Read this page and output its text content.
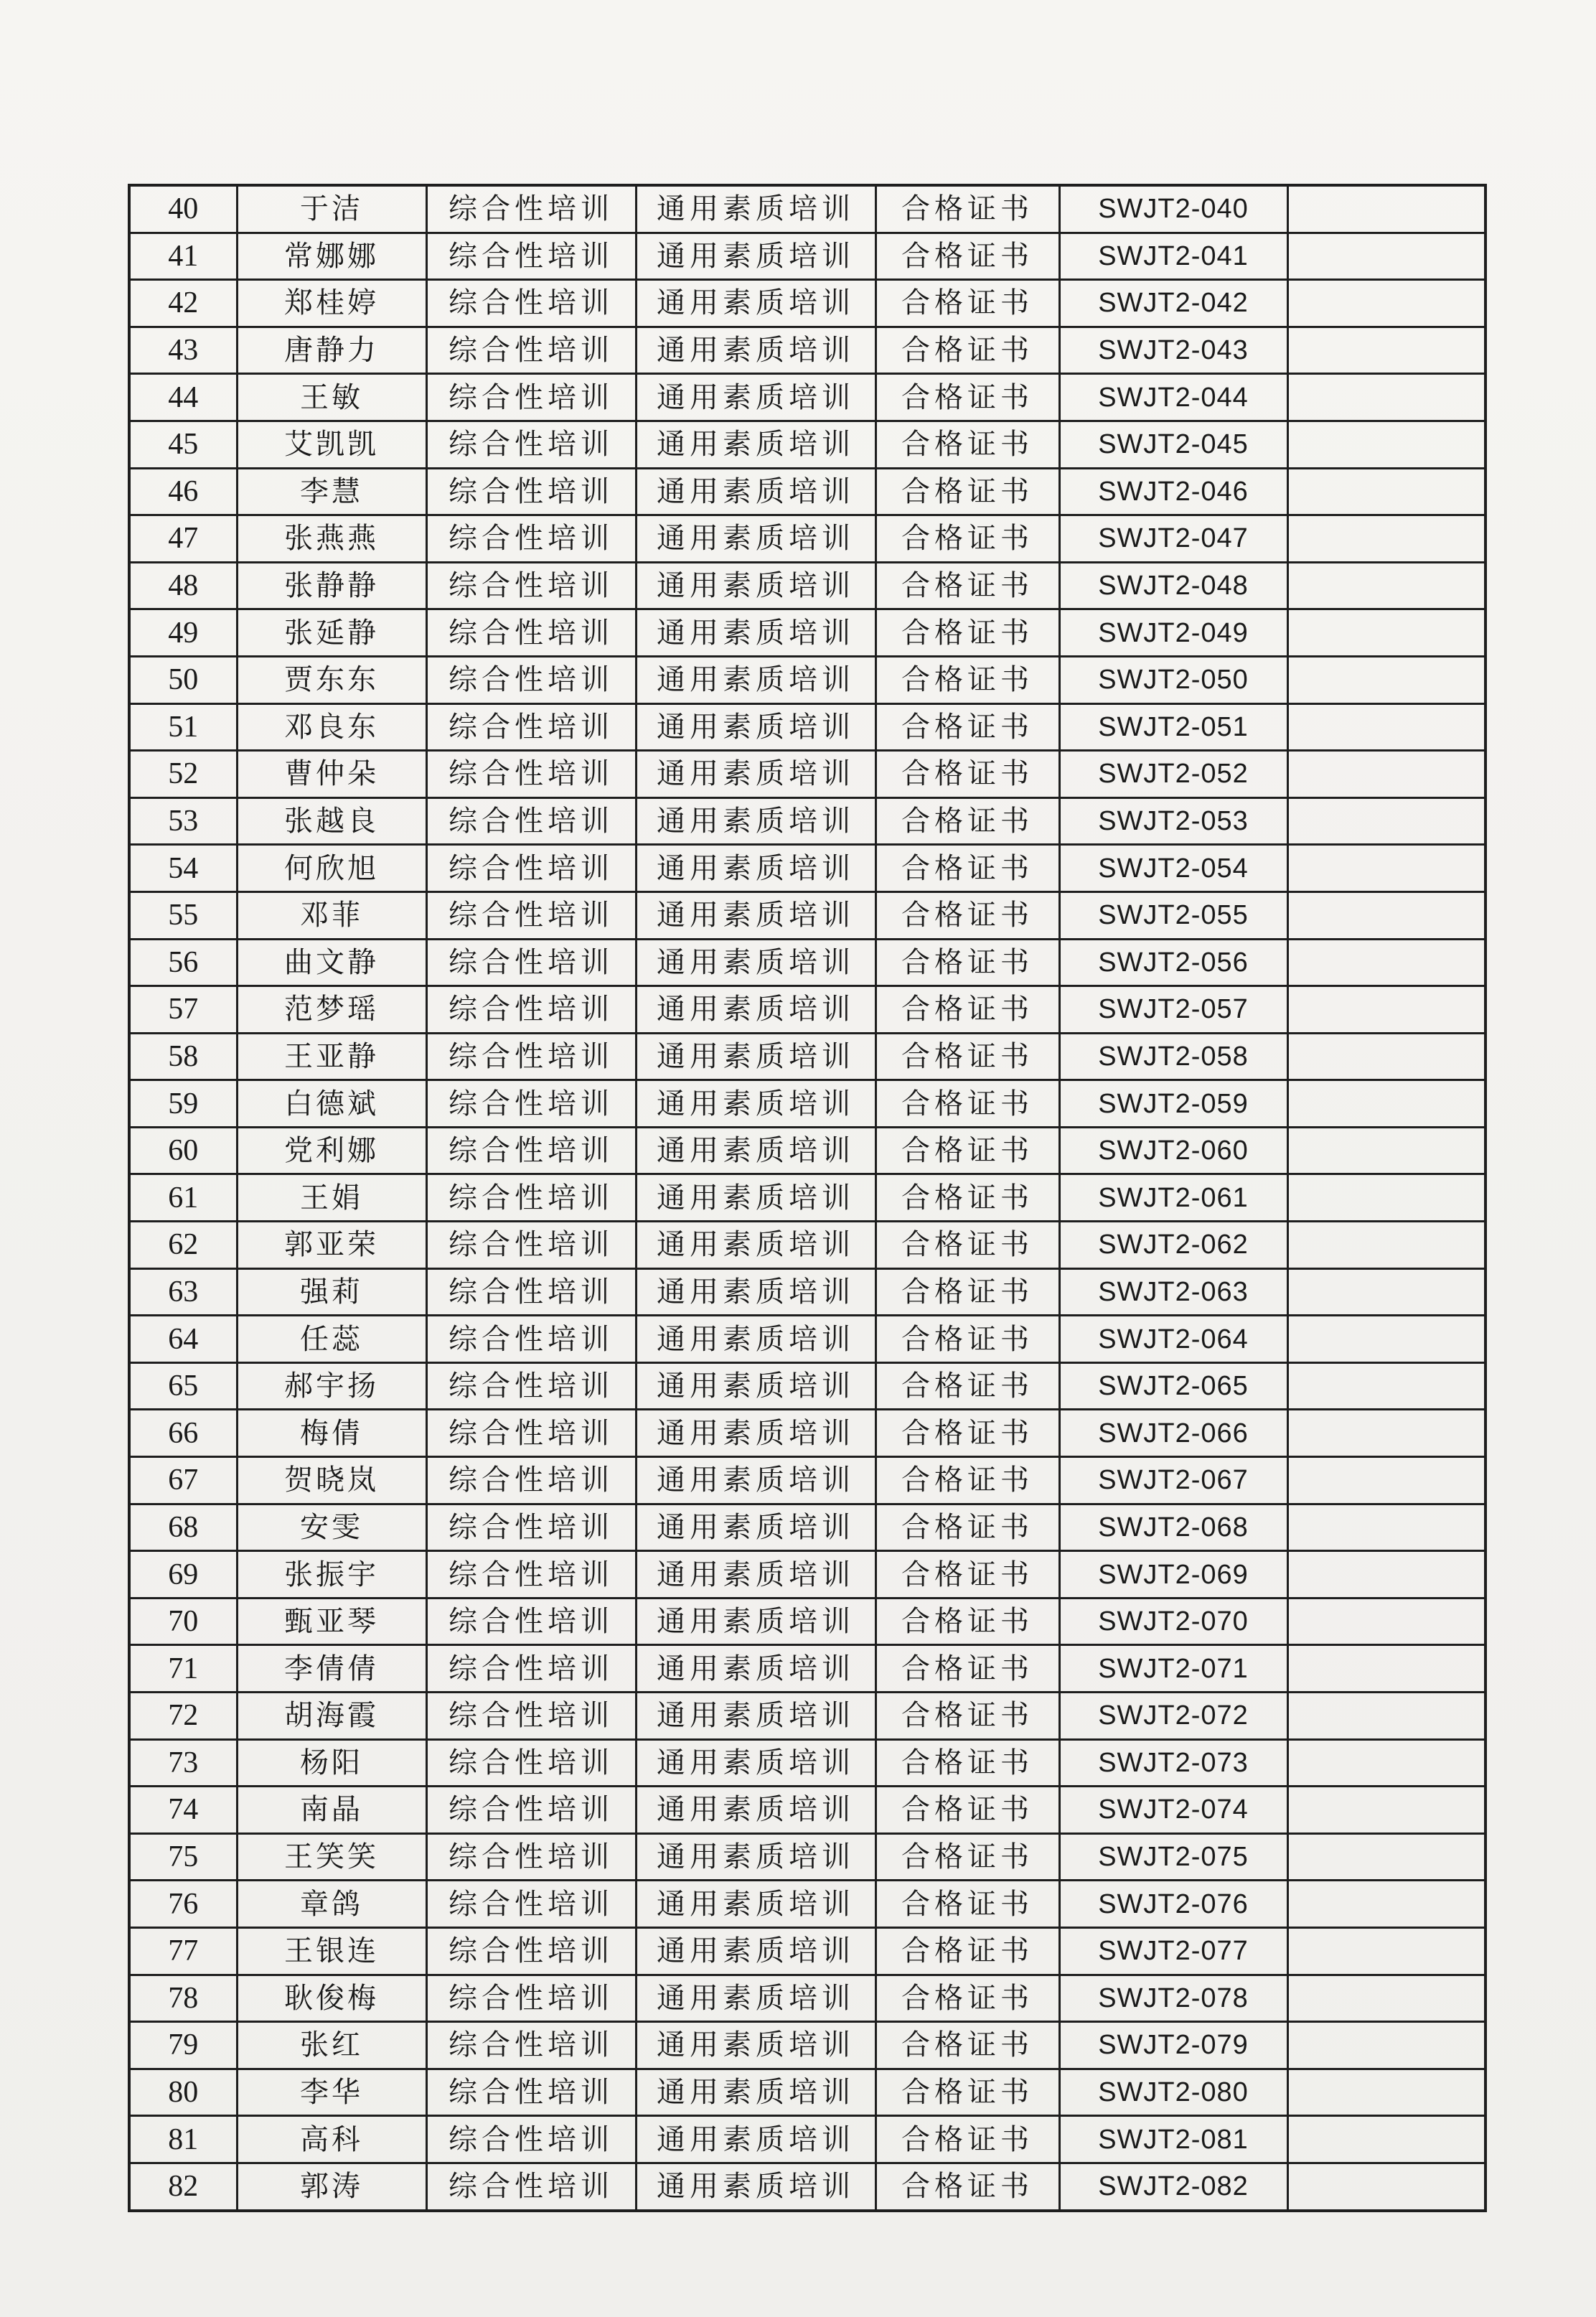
40	于洁	综合性培训	通用素质培训	合格证书	SWJT2-040	
41	常娜娜	综合性培训	通用素质培训	合格证书	SWJT2-041	
42	郑桂婷	综合性培训	通用素质培训	合格证书	SWJT2-042	
43	唐静力	综合性培训	通用素质培训	合格证书	SWJT2-043	
44	王敏	综合性培训	通用素质培训	合格证书	SWJT2-044	
45	艾凯凯	综合性培训	通用素质培训	合格证书	SWJT2-045	
46	李慧	综合性培训	通用素质培训	合格证书	SWJT2-046	
47	张燕燕	综合性培训	通用素质培训	合格证书	SWJT2-047	
48	张静静	综合性培训	通用素质培训	合格证书	SWJT2-048	
49	张延静	综合性培训	通用素质培训	合格证书	SWJT2-049	
50	贾东东	综合性培训	通用素质培训	合格证书	SWJT2-050	
51	邓良东	综合性培训	通用素质培训	合格证书	SWJT2-051	
52	曹仲朵	综合性培训	通用素质培训	合格证书	SWJT2-052	
53	张越良	综合性培训	通用素质培训	合格证书	SWJT2-053	
54	何欣旭	综合性培训	通用素质培训	合格证书	SWJT2-054	
55	邓菲	综合性培训	通用素质培训	合格证书	SWJT2-055	
56	曲文静	综合性培训	通用素质培训	合格证书	SWJT2-056	
57	范梦瑶	综合性培训	通用素质培训	合格证书	SWJT2-057	
58	王亚静	综合性培训	通用素质培训	合格证书	SWJT2-058	
59	白德斌	综合性培训	通用素质培训	合格证书	SWJT2-059	
60	党利娜	综合性培训	通用素质培训	合格证书	SWJT2-060	
61	王娟	综合性培训	通用素质培训	合格证书	SWJT2-061	
62	郭亚荣	综合性培训	通用素质培训	合格证书	SWJT2-062	
63	强莉	综合性培训	通用素质培训	合格证书	SWJT2-063	
64	任蕊	综合性培训	通用素质培训	合格证书	SWJT2-064	
65	郝宇扬	综合性培训	通用素质培训	合格证书	SWJT2-065	
66	梅倩	综合性培训	通用素质培训	合格证书	SWJT2-066	
67	贺晓岚	综合性培训	通用素质培训	合格证书	SWJT2-067	
68	安雯	综合性培训	通用素质培训	合格证书	SWJT2-068	
69	张振宇	综合性培训	通用素质培训	合格证书	SWJT2-069	
70	甄亚琴	综合性培训	通用素质培训	合格证书	SWJT2-070	
71	李倩倩	综合性培训	通用素质培训	合格证书	SWJT2-071	
72	胡海霞	综合性培训	通用素质培训	合格证书	SWJT2-072	
73	杨阳	综合性培训	通用素质培训	合格证书	SWJT2-073	
74	南晶	综合性培训	通用素质培训	合格证书	SWJT2-074	
75	王笑笑	综合性培训	通用素质培训	合格证书	SWJT2-075	
76	章鸽	综合性培训	通用素质培训	合格证书	SWJT2-076	
77	王银连	综合性培训	通用素质培训	合格证书	SWJT2-077	
78	耿俊梅	综合性培训	通用素质培训	合格证书	SWJT2-078	
79	张红	综合性培训	通用素质培训	合格证书	SWJT2-079	
80	李华	综合性培训	通用素质培训	合格证书	SWJT2-080	
81	高科	综合性培训	通用素质培训	合格证书	SWJT2-081	
82	郭涛	综合性培训	通用素质培训	合格证书	SWJT2-082	
